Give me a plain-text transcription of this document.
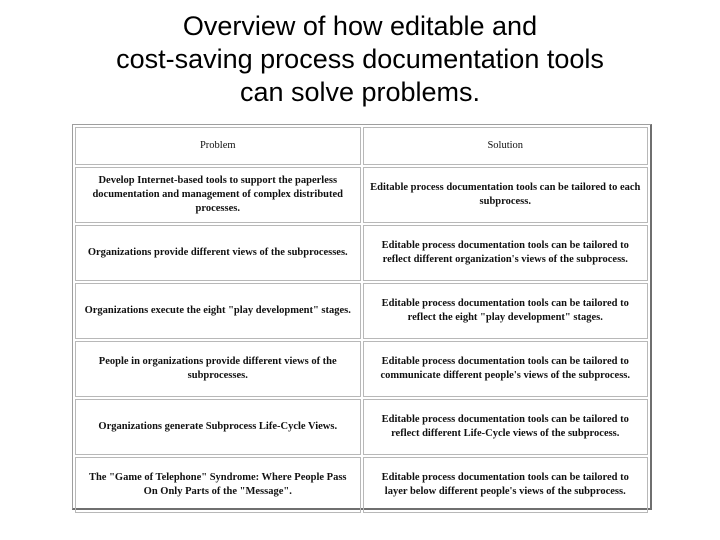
Overview of how editable and
cost-saving process documentation tools
can solve problems.
Problem	Solution
Develop Internet-based tools to support the paperless documentation and management of complex distributed processes.	Editable process documentation tools can be tailored to each subprocess.
Organizations provide different views of the subprocesses.	Editable process documentation tools can be tailored to reflect different organization's views of the subprocess.
Organizations execute the eight "play development" stages.	Editable process documentation tools can be tailored to reflect the eight "play development" stages.
People in organizations provide different views of the subprocesses.	Editable process documentation tools can be tailored to communicate different people's views of the subprocess.
Organizations generate Subprocess Life-Cycle Views.	Editable process documentation tools can be tailored to reflect different Life-Cycle views of the subprocess.
The "Game of Telephone" Syndrome: Where People Pass On Only Parts of the "Message".	Editable process documentation tools can be tailored to layer below different people's views of the subprocess.
